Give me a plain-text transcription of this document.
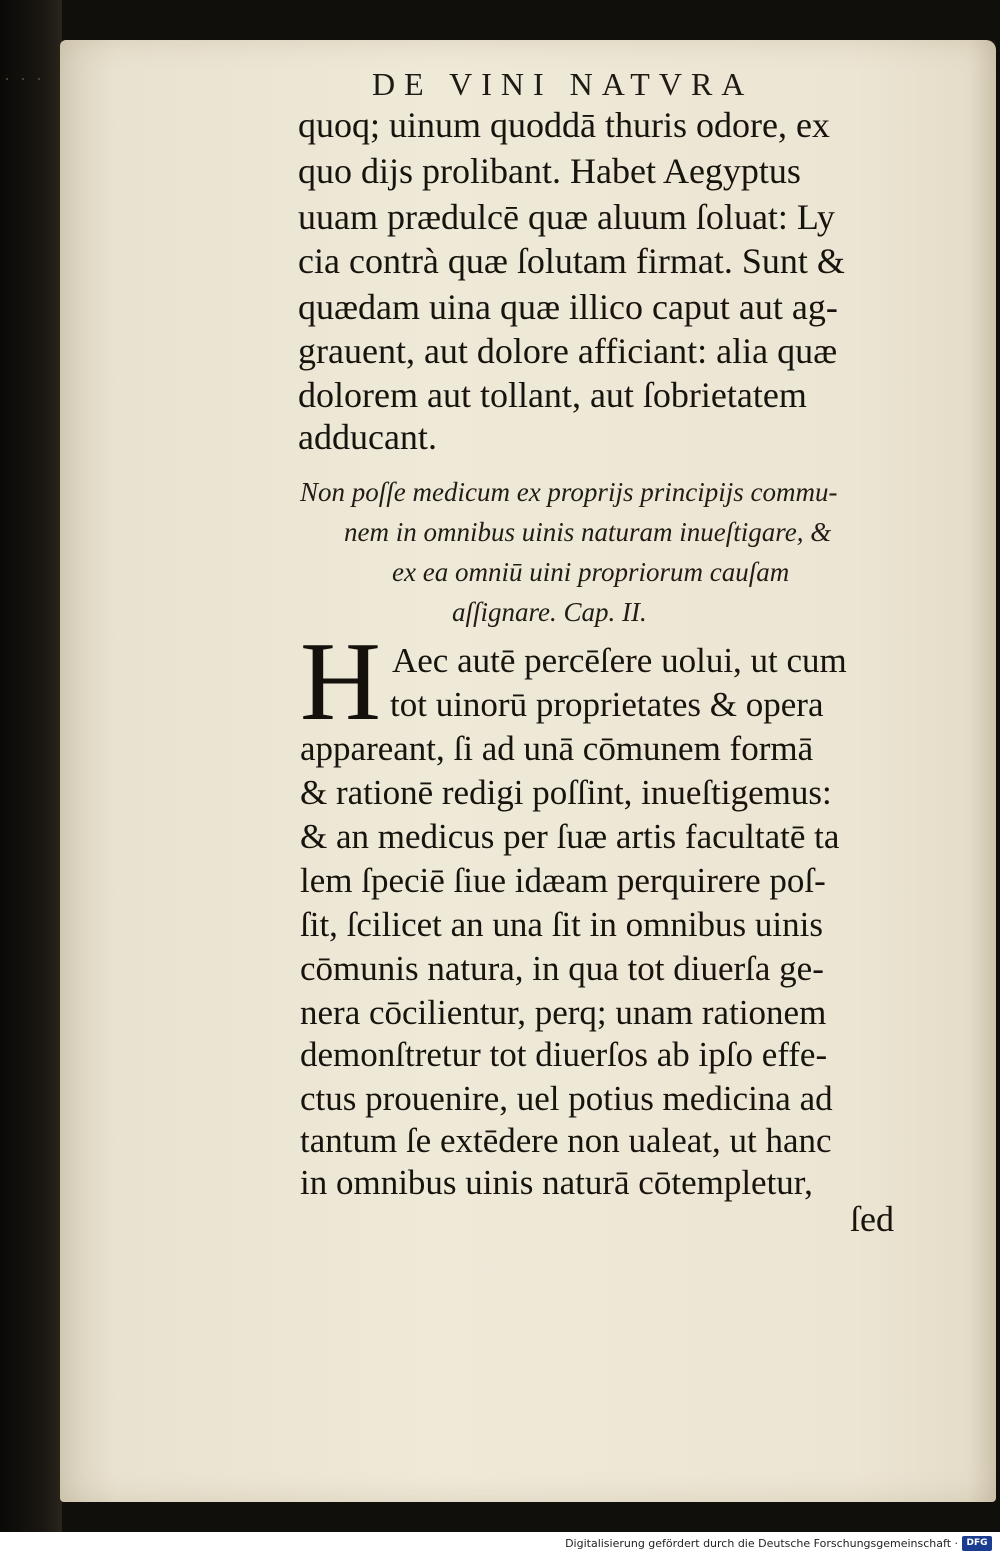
DE VINI NATVRA
quoq; uinum quoddā thuris odore, ex
quo dijs prolibant. Habet Aegyptus
uuam prædulcē quæ aluum ſoluat: Ly
cia contrà quæ ſolutam firmat. Sunt &
quædam uina quæ illico caput aut ag-
grauent, aut dolore afficiant: alia quæ
dolorem aut tollant, aut ſobrietatem
adducant.
Non poſſe medicum ex proprijs principijs commu-
nem in omnibus uinis naturam inueſtigare, &
ex ea omniū uini propriorum cauſam
aſſignare. Cap. II.
H Aec autē percēſere uolui, ut cum
tot uinorū proprietates & opera
appareant, ſi ad unā cōmunem formā
& rationē redigi poſſint, inueſtigemus:
& an medicus per ſuæ artis facultatē ta
lem ſpeciē ſiue idæam perquirere poſ-
ſit, ſcilicet an una ſit in omnibus uinis
cōmunis natura, in qua tot diuerſa ge-
nera cōcilientur, perq; unam rationem
demonſtretur tot diuerſos ab ipſo effe-
ctus prouenire, uel potius medicina ad
tantum ſe extēdere non ualeat, ut hanc
in omnibus uinis naturā cōtempletur,
ſed
Digitalisierung gefördert durch die Deutsche Forschungsgemeinschaft · DFG
